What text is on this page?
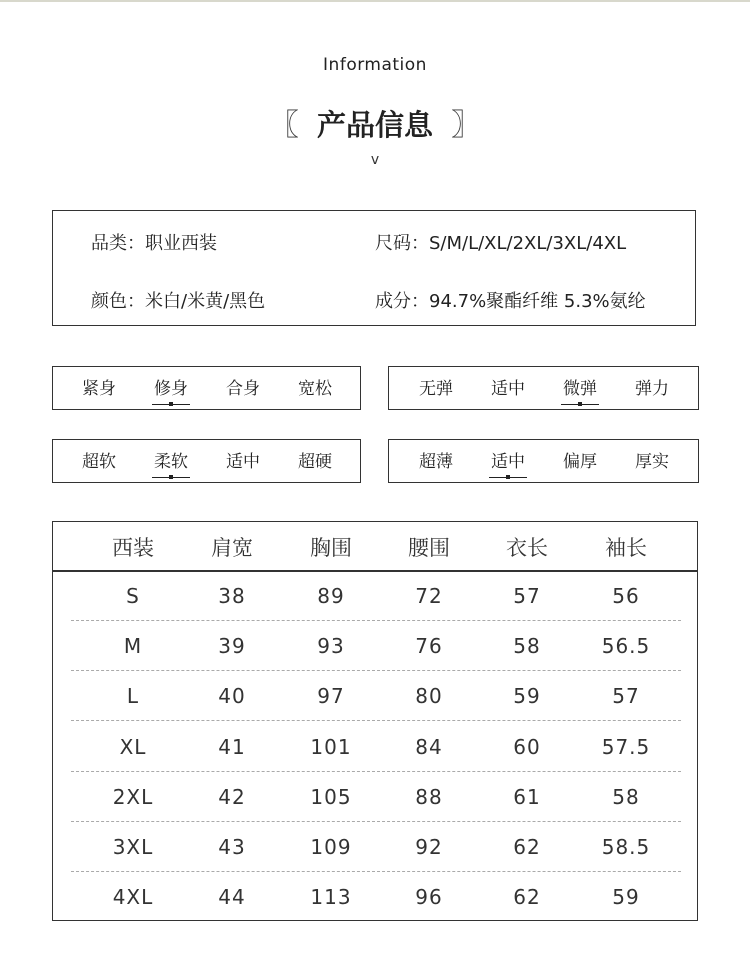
Information
〖 产品信息 〗
v
品类：职业西装	尺码：S/M/L/XL/2XL/3XL/4XL
颜色：米白/米黄/黑色	成分：94.7%聚酯纤维 5.3%氨纶
紧身	修身	合身	宽松	无弹	适中	微弹	弹力
超软	柔软	适中	超硬	超薄	适中	偏厚	厚实
西装	肩宽	胸围	腰围	衣长	袖长
S	38	89	72	57	56
M	39	93	76	58	56.5
L	40	97	80	59	57
XL	41	101	84	60	57.5
2XL	42	105	88	61	58
3XL	43	109	92	62	58.5
4XL	44	113	96	62	59
